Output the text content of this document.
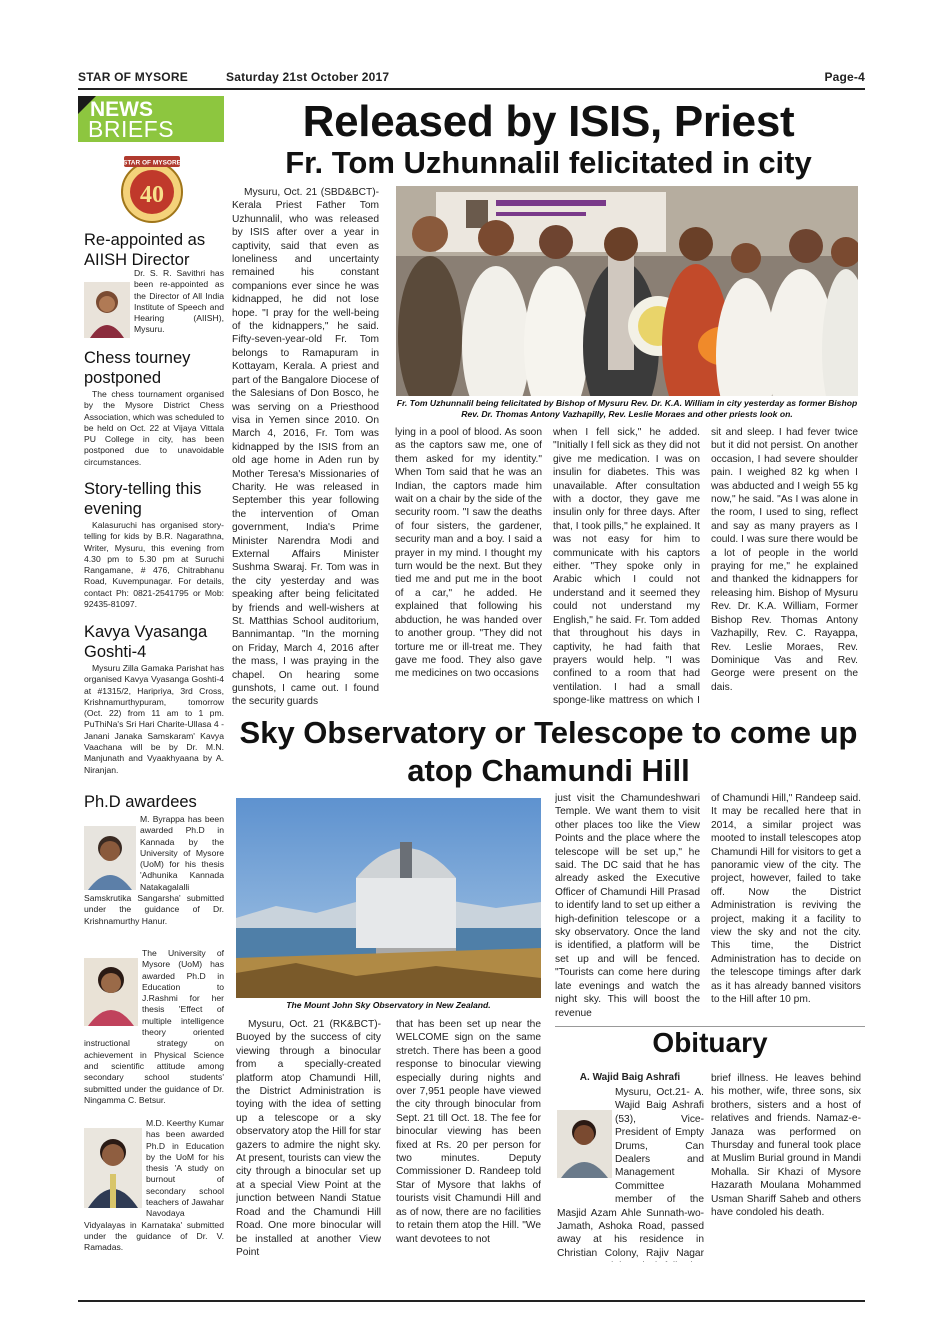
STAR OF MYSORE	Saturday 21st October 2017	Page-4
NEWS
BRIEFS
STAR OF MYSORE
40
Re-appointed as AIISH Director
Dr. S. R. Savithri has been re-appointed as the Director of All India Institute of Speech and Hearing (AIISH), Mysuru.
Chess tourney postponed
The chess tournament organised by the Mysore District Chess Association, which was scheduled to be held on Oct. 22 at Vijaya Vittala PU College in city, has been postponed due to unavoidable circumstances.
Story-telling this evening
Kalasuruchi has organised story-telling for kids by B.R. Nagarathna, Writer, Mysuru, this evening from 4.30 pm to 5.30 pm at Suruchi Rangamane, # 476, Chitrabhanu Road, Kuvempunagar. For details, contact Ph: 0821-2541795 or Mob: 92435-81097.
Kavya Vyasanga Goshti-4
Mysuru Zilla Gamaka Parishat has organised Kavya Vyasanga Goshti-4 at #1315/2, Haripriya, 3rd Cross, Krishnamurthypuram, tomorrow (Oct. 22) from 11 am to 1 pm. PuThiNa's Sri Hari Charite-Ullasa 4 - Janani Janaka Samskaram' Kavya Vaachana will be by Dr. M.N. Manjunath and Vyaakhyaana by A. Niranjan.
Ph.D awardees
M. Byrappa has been awarded Ph.D in Kannada by the University of Mysore (UoM) for his thesis 'Adhunika Kannada Natakagalalli Samskrutika Sangarsha' submitted under the guidance of Dr. Krishnamurthy Hanur.
The University of Mysore (UoM) has awarded Ph.D in Education to J.Rashmi for her thesis 'Effect of multiple intelligence theory oriented instructional strategy on achievement in Physical Science and scientific attitude among secondary school students' submitted under the guidance of Dr. Ningamma C. Betsur.
M.D. Keerthy Kumar has been awarded Ph.D in Education by the UoM for his thesis 'A study on burnout of secondary school teachers of Jawahar Navodaya Vidyalayas in Karnataka' submitted under the guidance of Dr. V. Ramadas.
Released by ISIS, Priest
Fr. Tom Uzhunnalil felicitated in city
Fr. Tom Uzhunnalil being felicitated by Bishop of Mysuru Rev. Dr. K.A. William in city yesterday as former Bishop Rev. Dr. Thomas Antony Vazhapilly, Rev. Leslie Moraes and other priests look on.

Mysuru, Oct. 21 (SBD&BCT)- Kerala Priest Father Tom Uzhunnalil, who was released by ISIS after over a year in captivity, said that even as loneliness and uncertainty remained his constant companions ever since he was kidnapped, he did not lose hope. "I pray for the well-being of the kidnappers," he said. Fifty-seven-year-old Fr. Tom belongs to Ramapuram in Kottayam, Kerala. A priest and part of the Bangalore Diocese of the Salesians of Don Bosco, he was serving on a Priesthood visa in Yemen since 2010. On March 4, 2016, Fr. Tom was kidnapped by the ISIS from an old age home in Aden run by Mother Teresa's Missionaries of Charity. He was released in September this year following the intervention of Oman government, India's Prime Minister Narendra Modi and External Affairs Minister Sushma Swaraj. Fr. Tom was in the city yesterday and was speaking after being felicitated by friends and well-wishers at St. Matthias School auditorium, Bannimantap. "In the morning on Friday, March 4, 2016 after the mass, I was praying in the chapel. On hearing some gunshots, I came out. I found the security guards

lying in a pool of blood. As soon as the captors saw me, one of them asked for my identity." When Tom said that he was an Indian, the captors made him wait on a chair by the side of the security room. "I saw the deaths of four sisters, the gardener, security man and a boy. I said a prayer in my mind. I thought my turn would be the next. But they tied me and put me in the boot of a car," he added. He explained that following his abduction, he was handed over to another group. "They did not torture me or ill-treat me. They gave me food. They also gave me medicines on two occasions

when I fell sick," he added. "Initially I fell sick as they did not give me medication. I was on insulin for diabetes. This was unavailable. After consultation with a doctor, they gave me insulin only for three days. After that, I took pills," he explained. It was not easy for him to communicate with his captors either. "They spoke only in Arabic which I could not understand and it seemed they could not understand my English," he said. Fr. Tom added that throughout his days in captivity, he had faith that prayers would help. "I was confined to a room that had ventilation. I had a small sponge-like mattress on which I

sit and sleep. I had fever twice but it did not persist. On another occasion, I had severe shoulder pain. I weighed 82 kg when I was abducted and I weigh 55 kg now," he said. "As I was alone in the room, I used to sing, reflect and say as many prayers as I could. I was sure there would be a lot of people in the world praying for me," he explained and thanked the kidnappers for releasing him. Bishop of Mysuru Rev. Dr. K.A. William, Former Bishop Rev. Thomas Antony Vazhapilly, Rev. C. Rayappa, Rev. Leslie Moraes, Rev. Dominique Vas and Rev. George were present on the dais.

Sky Observatory or Telescope to come up atop Chamundi Hill
The Mount John Sky Observatory in New Zealand.

Mysuru, Oct. 21 (RK&BCT)- Buoyed by the success of city viewing through a binocular from a specially-created platform atop Chamundi Hill, the District Administration is toying with the idea of setting up a telescope or a sky observatory atop the Hill for star gazers to admire the night sky. At present, tourists can view the city through a binocular set up at a special View Point at the junction between Nandi Statue Road and the Chamundi Hill Road. One more binocular will be installed at another View Point

that has been set up near the WELCOME sign on the same stretch. There has been a good response to binocular viewing especially during nights and over 7,951 people have viewed the city through binocular from Sept. 21 till Oct. 18. The fee for binocular viewing has been fixed at Rs. 20 per person for two minutes. Deputy Commissioner D. Randeep told Star of Mysore that lakhs of tourists visit Chamundi Hill and as of now, there are no facilities to retain them atop the Hill. "We want devotees to not

just visit the Chamundeshwari Temple. We want them to visit other places too like the View Points and the place where the telescope will be set up," he said. The DC said that he has already asked the Executive Officer of Chamundi Hill Prasad to identify land to set up either a high-definition telescope or a sky observatory. Once the land is identified, a platform will be set up and will be fenced. "Tourists can come here during late evenings and watch the night sky. This will boost the revenue

of Chamundi Hill," Randeep said. It may be recalled here that in 2014, a similar project was mooted to install telescopes atop Chamundi Hill for visitors to get a panoramic view of the city. The project, however, failed to take off. Now the District Administration is reviving the project, making it a facility to view the sky and not the city. This time, the District Administration has to decide on the telescope timings after dark as it has already banned visitors to the Hill after 10 pm.

Obituary
A. Wajid Baig Ashrafi

Mysuru, Oct.21- A. Wajid Baig Ashrafi (53), Vice-President of Empty Drums, Can Dealers and Management Committee member of the Masjid Azam Ahle Sunnath-wo-Jamath, Ashoka Road, passed away at his residence in Christian Colony, Rajiv Nagar

brief illness. He leaves behind his mother, wife, three sons, six brothers, sisters and a host of relatives and friends. Namaz-e-Janaza was performed on Thursday and funeral took place at Muslim Burial ground in Mandi Mohalla. Sir Khazi of Mysore Hazarath Moulana Mohammed Usman Shariff Saheb and others have condoled his death.
